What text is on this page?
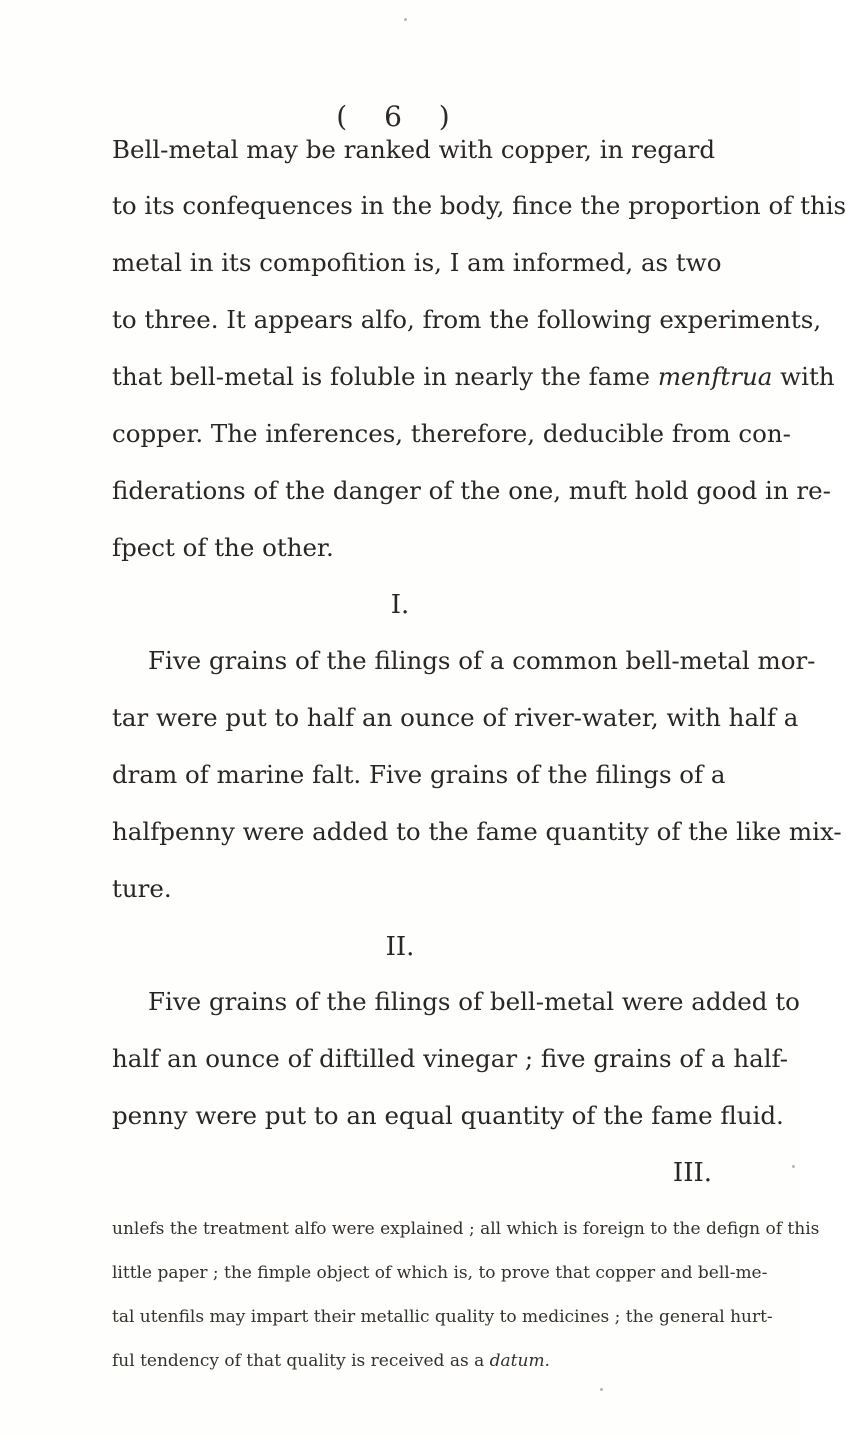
( 6 )
Bell-metal may be ranked with copper, in regard
to its confequences in the body, fince the proportion of this
metal in its compofition is, I am informed, as two
to three. It appears alfo, from the following experiments,
that bell-metal is foluble in nearly the fame menftrua with
copper. The inferences, therefore, deducible from con-
fiderations of the danger of the one, muft hold good in re-
fpect of the other.
I.
Five grains of the filings of a common bell-metal mor-
tar were put to half an ounce of river-water, with half a
dram of marine falt. Five grains of the filings of a
halfpenny were added to the fame quantity of the like mix-
ture.
II.
Five grains of the filings of bell-metal were added to
half an ounce of diftilled vinegar ; five grains of a half-
penny were put to an equal quantity of the fame fluid.
III.
unlefs the treatment alfo were explained ; all which is foreign to the defign of this
little paper ; the fimple object of which is, to prove that copper and bell-me-
tal utenfils may impart their metallic quality to medicines ; the general hurt-
ful tendency of that quality is received as a datum.
